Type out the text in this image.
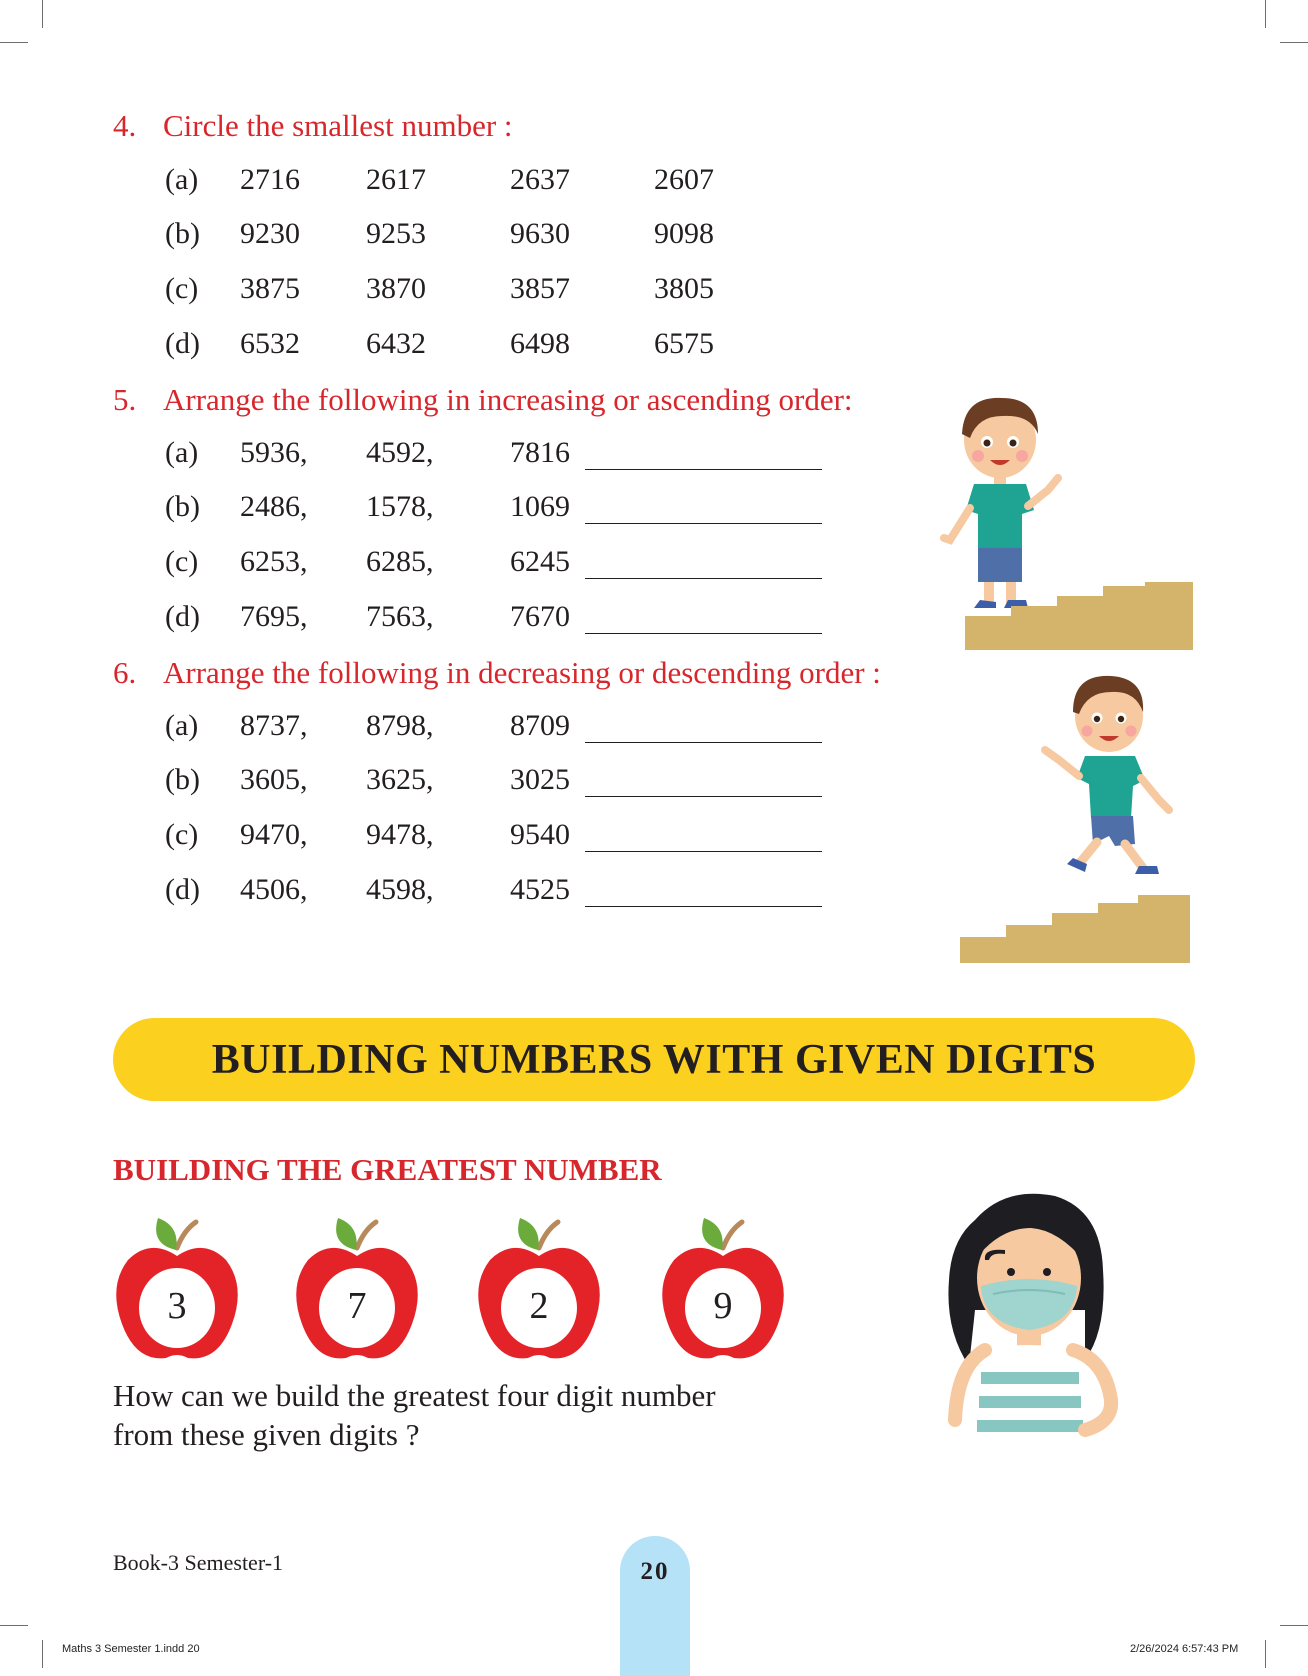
4. Circle the smallest number :
(a) 2716 2617	2637	2607
(b) 9230 9253	9630	9098
(c) 3875 3870	3857	3805
(d) 6532 6432	6498	6575
5. Arrange the following in increasing or ascending order:
(a) 5936, 4592,	7816
(b) 2486, 1578,	1069
(c) 6253, 6285,	6245
(d) 7695, 7563,	7670
6. Arrange the following in decreasing or descending order :
(a) 8737, 8798,	8709
(b) 3605, 3625,	3025
(c) 9470, 9478,	9540
(d) 4506, 4598,	4525
BUILDING NUMBERS WITH GIVEN DIGITS
BUILDING THE GREATEST NUMBER
3	7	2	9
How can we build the greatest four digit number
from these given digits ?
Book-3 Semester-1	20
Maths 3 Semester 1.indd 20	2/26/2024 6:57:43 PM
